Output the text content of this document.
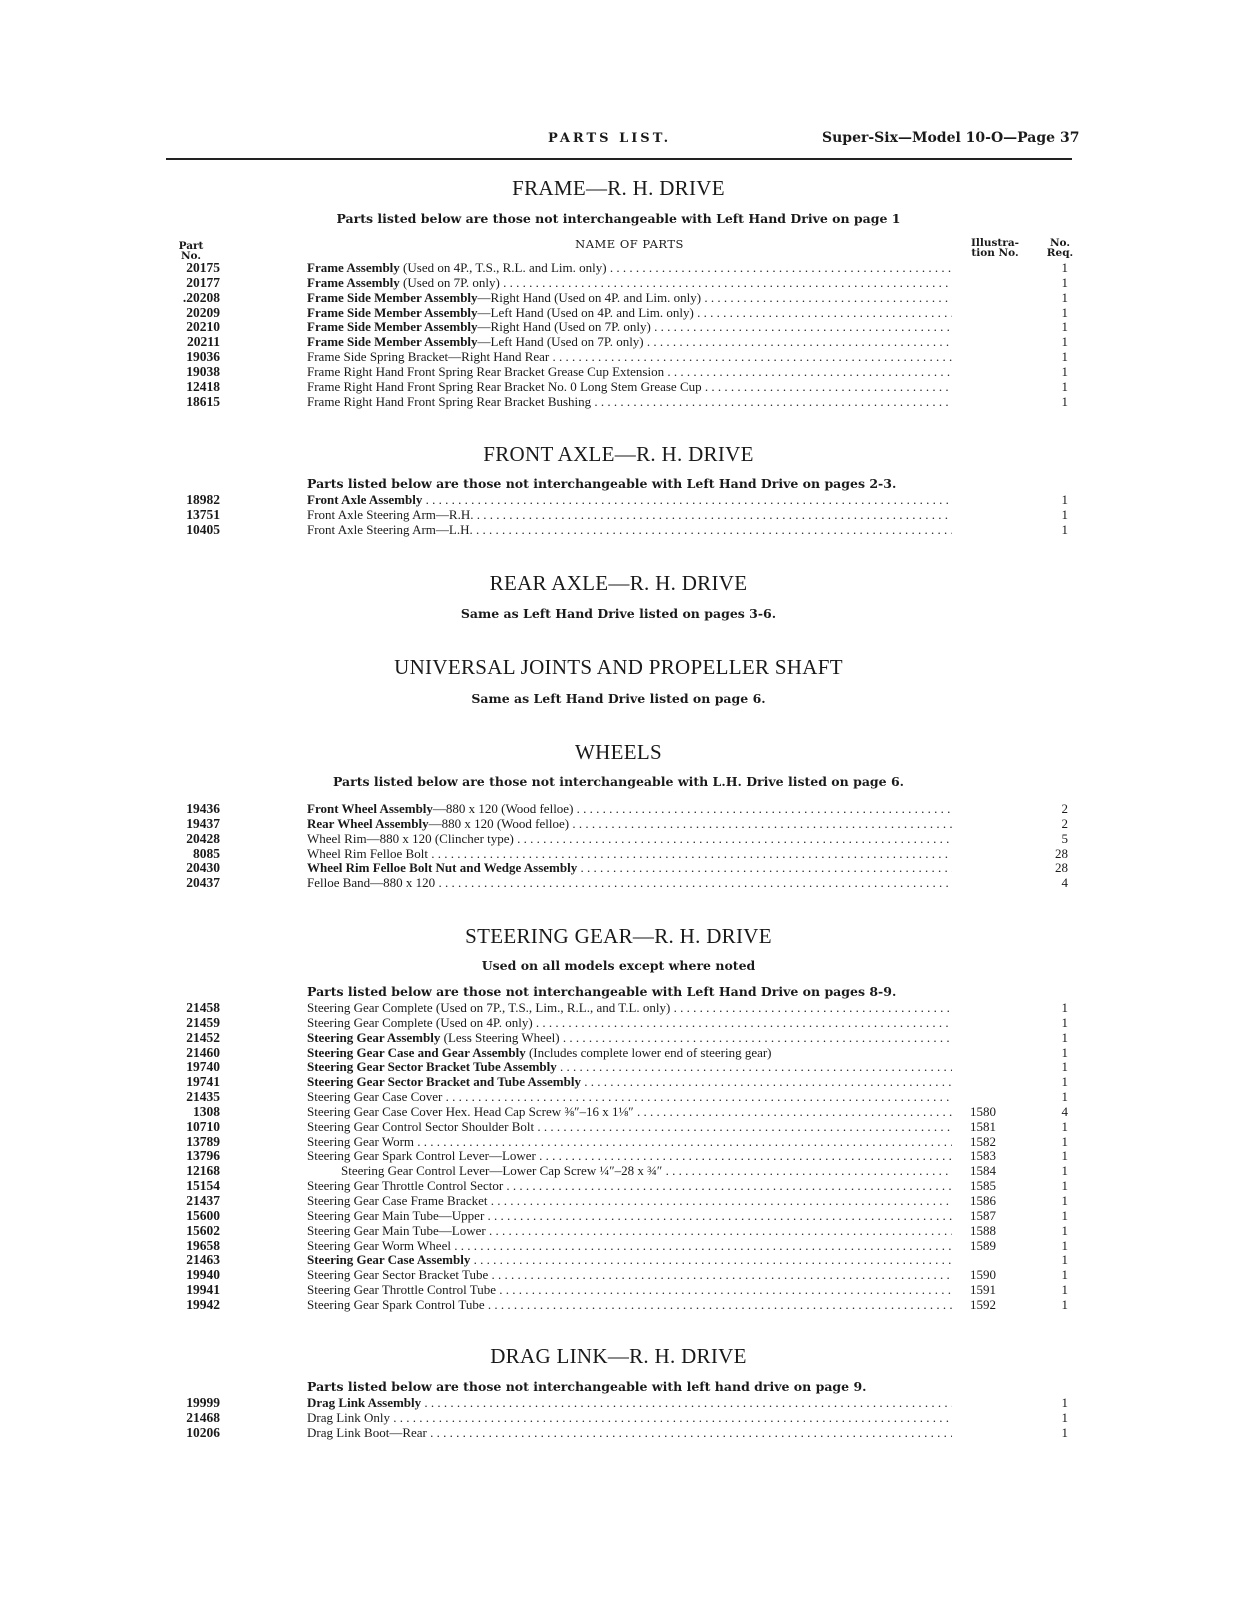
PARTS LIST.	Super-Six—Model 10-O—Page 37
FRAME—R. H. DRIVE
Parts listed below are those not interchangeable with Left Hand Drive on page 1
Part No.
NAME OF PARTS	Illustra- tion No.
No. Req.
20175	Frame Assembly (Used on 4P., T.S., R.L. and Lim. only) . . .	1
20177	Frame Assembly (Used on 7P. only) . . .	1
.20208	Frame Side Member Assembly—Right Hand (Used on 4P. and Lim. only) . . .	1
20209	Frame Side Member Assembly—Left Hand (Used on 4P. and Lim. only) . . .	1
20210	Frame Side Member Assembly—Right Hand (Used on 7P. only) . . .	1
20211	Frame Side Member Assembly—Left Hand (Used on 7P. only) . . .	1
19036	Frame Side Spring Bracket—Right Hand Rear . . .	1
19038	Frame Right Hand Front Spring Rear Bracket Grease Cup Extension . . .	1
12418	Frame Right Hand Front Spring Rear Bracket No. 0 Long Stem Grease Cup . . .	1
18615	Frame Right Hand Front Spring Rear Bracket Bushing . . .	1
FRONT AXLE—R. H. DRIVE
Parts listed below are those not interchangeable with Left Hand Drive on pages 2-3.
18982	Front Axle Assembly . . .	1
13751	Front Axle Steering Arm—R.H. . . .	1
10405	Front Axle Steering Arm—L.H. . . .	1
REAR AXLE—R. H. DRIVE
Same as Left Hand Drive listed on pages 3-6.
UNIVERSAL JOINTS AND PROPELLER SHAFT
Same as Left Hand Drive listed on page 6.
WHEELS
Parts listed below are those not interchangeable with L.H. Drive listed on page 6.
19436	Front Wheel Assembly—880 x 120 (Wood felloe) . . .	2
19437	Rear Wheel Assembly—880 x 120 (Wood felloe) . . .	2
20428	Wheel Rim—880 x 120 (Clincher type) . . .	5
8085	Wheel Rim Felloe Bolt . . .	28
20430	Wheel Rim Felloe Bolt Nut and Wedge Assembly . . .	28
20437	Felloe Band—880 x 120 . . .	4
STEERING GEAR—R. H. DRIVE
Used on all models except where noted
Parts listed below are those not interchangeable with Left Hand Drive on pages 8-9.
21458	Steering Gear Complete (Used on 7P., T.S., Lim., R.L., and T.L. only) . . .	1
21459	Steering Gear Complete (Used on 4P. only) . . .	1
21452	Steering Gear Assembly (Less Steering Wheel) . . .	1
21460	Steering Gear Case and Gear Assembly (Includes complete lower end of steering gear)	1
19740	Steering Gear Sector Bracket Tube Assembly . . .	1
19741	Steering Gear Sector Bracket and Tube Assembly . . .	1
21435	Steering Gear Case Cover . . .	1
1308	Steering Gear Case Cover Hex. Head Cap Screw ⅜″–16 x 1⅛″ . . .	1580	4
10710	Steering Gear Control Sector Shoulder Bolt . . .	1581	1
13789	Steering Gear Worm . . .	1582	1
13796	Steering Gear Spark Control Lever—Lower . . .	1583	1
12168	Steering Gear Control Lever—Lower Cap Screw ¼″–28 x ¾″ . . .	1584	1
15154	Steering Gear Throttle Control Sector . . .	1585	1
21437	Steering Gear Case Frame Bracket . . .	1586	1
15600	Steering Gear Main Tube—Upper . . .	1587	1
15602	Steering Gear Main Tube—Lower . . .	1588	1
19658	Steering Gear Worm Wheel . . .	1589	1
21463	Steering Gear Case Assembly . . .	1
19940	Steering Gear Sector Bracket Tube . . .	1590	1
19941	Steering Gear Throttle Control Tube . . .	1591	1
19942	Steering Gear Spark Control Tube . . .	1592	1
DRAG LINK—R. H. DRIVE
Parts listed below are those not interchangeable with left hand drive on page 9.
19999	Drag Link Assembly . . .	1
21468	Drag Link Only . . .	1
10206	Drag Link Boot—Rear . . .	1
